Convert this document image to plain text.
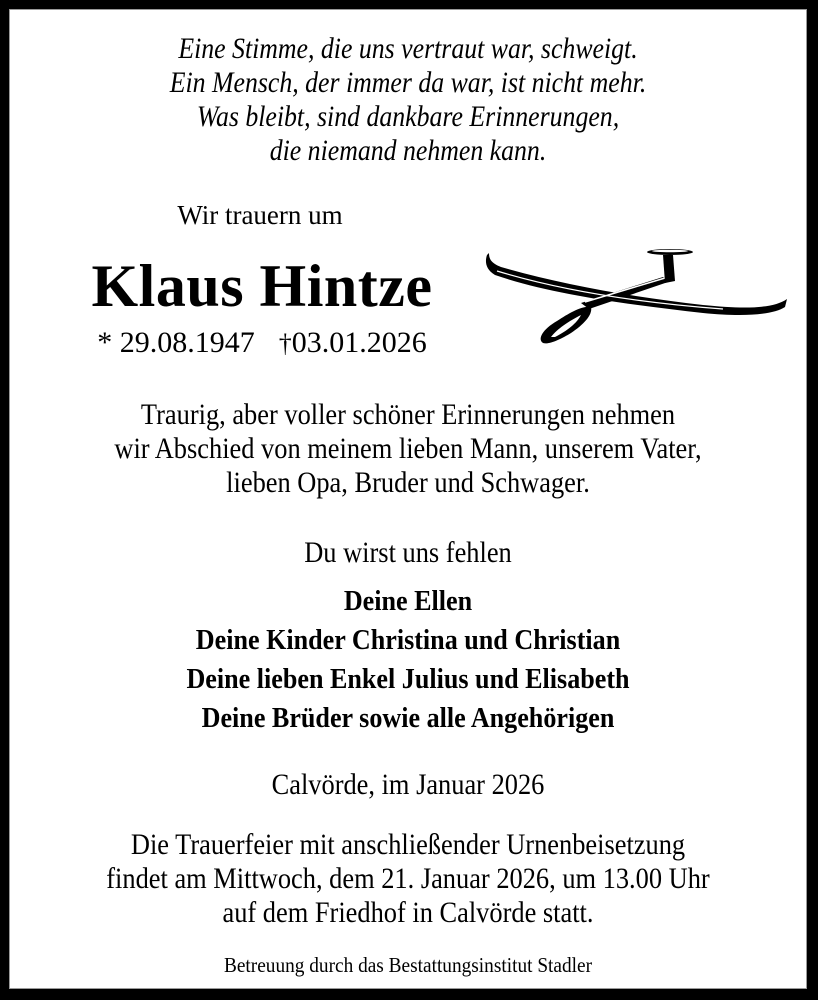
Eine Stimme, die uns vertraut war, schweigt.
Ein Mensch, der immer da war, ist nicht mehr.
Was bleibt, sind dankbare Erinnerungen,
die niemand nehmen kann.
Wir trauern um
Klaus Hintze
* 29.08.1947 †03.01.2026
Traurig, aber voller schöner Erinnerungen nehmen
wir Abschied von meinem lieben Mann, unserem Vater,
lieben Opa, Bruder und Schwager.
Du wirst uns fehlen
Deine Ellen
Deine Kinder Christina und Christian
Deine lieben Enkel Julius und Elisabeth
Deine Brüder sowie alle Angehörigen
Calvörde, im Januar 2026
Die Trauerfeier mit anschließender Urnenbeisetzung
findet am Mittwoch, dem 21. Januar 2026, um 13.00 Uhr
auf dem Friedhof in Calvörde statt.
Betreuung durch das Bestattungsinstitut Stadler
